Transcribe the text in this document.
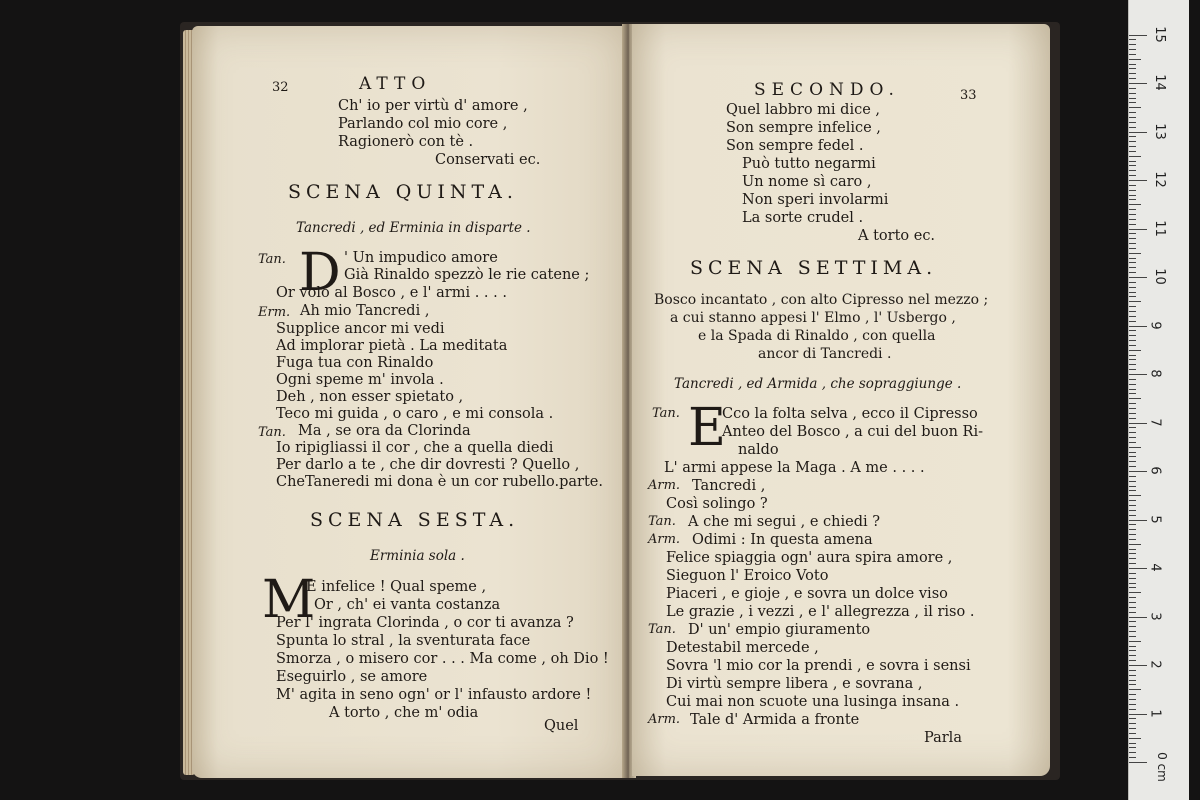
32	ATTO
Ch' io per virtù d' amore ,
Parlando col mio core ,
Ragionerò con tè .
Conservati ec.
SCENA QUINTA.
Tancredi , ed Erminia in disparte .
D
Tan.	' Un impudico amore
Già Rinaldo spezzò le rie catene ;
Or volo al Bosco , e l' armi . . . .
Erm. Ah mio Tancredi ,
Supplice ancor mi vedi
Ad implorar pietà . La meditata
Fuga tua con Rinaldo
Ogni speme m' invola .
Deh , non esser spietato ,
Teco mi guida , o caro , e mi consola .
Tan. Ma , se ora da Clorinda
Io ripigliassi il cor , che a quella diedi
Per darlo a te , che dir dovresti ? Quello ,
CheTaneredi mi dona è un cor rubello.parte.
SCENA SESTA.
Erminia sola .
M
E infelice ! Qual speme ,
Or , ch' ei vanta costanza
Per l' ingrata Clorinda , o cor ti avanza ?
Spunta lo stral , la sventurata face
Smorza , o misero cor . . . Ma come , oh Dio !
Eseguirlo , se amore
M' agita in seno ogn' or l' infausto ardore !
A torto , che m' odia
Quel
SECONDO.	33
Quel labbro mi dice ,
Son sempre infelice ,
Son sempre fedel .
Può tutto negarmi
Un nome sì caro ,
Non speri involarmi
La sorte crudel .
A torto ec.
SCENA SETTIMA.
Bosco incantato , con alto Cipresso nel mezzo ;
a cui stanno appesi l' Elmo , l' Usbergo ,
e la Spada di Rinaldo , con quella
ancor di Tancredi .
Tancredi , ed Armida , che sopraggiunge .
E
Tan.	Cco la folta selva , ecco il Cipresso
Anteo del Bosco , a cui del buon Ri-
naldo
L' armi appese la Maga . A me . . . .
Arm. Tancredi ,
Così solingo ?
Tan. A che mi segui , e chiedi ?
Arm. Odimi : In questa amena
Felice spiaggia ogn' aura spira amore ,
Sieguon l' Eroico Voto
Piaceri , e gioje , e sovra un dolce viso
Le grazie , i vezzi , e l' allegrezza , il riso .
Tan. D' un' empio giuramento
Detestabil mercede ,
Sovra 'l mio cor la prendi , e sovra i sensi
Di virtù sempre libera , e sovrana ,
Cui mai non scuote una lusinga insana .
Arm. Tale d' Armida a fronte
Parla
0 cm
1
2
3
4
5
6
7
8
9
10
11
12
13
14
15
